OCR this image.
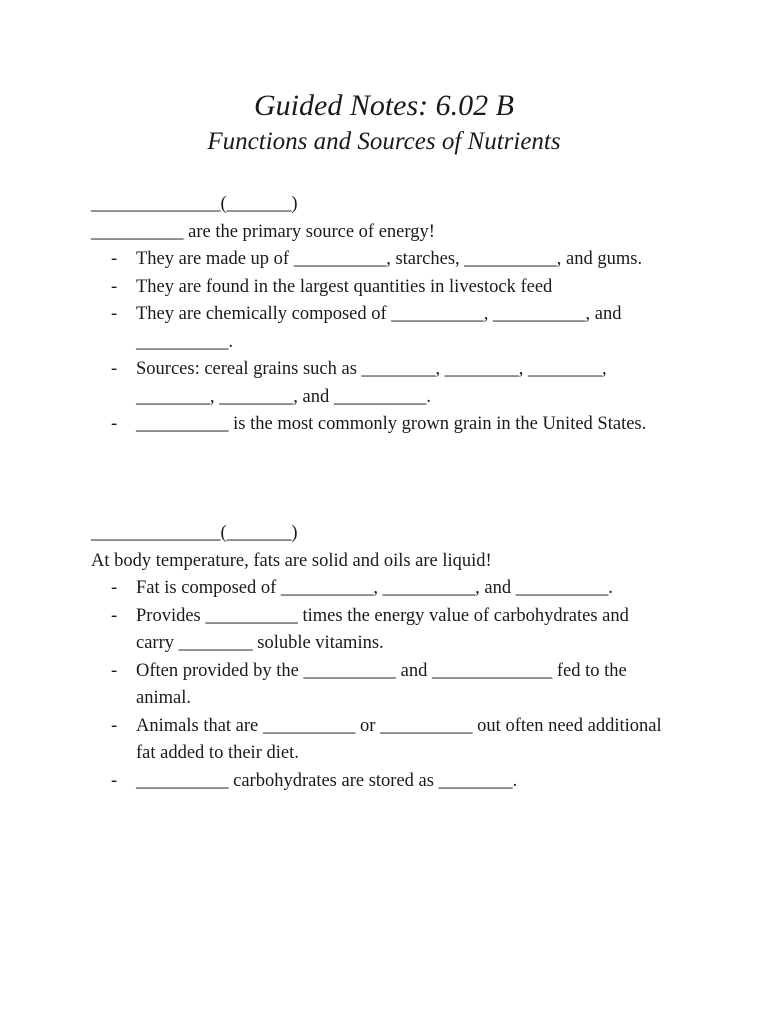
Guided Notes: 6.02 B
Functions and Sources of Nutrients
______________(_______)
__________ are the primary source of energy!
- They are made up of __________, starches, __________, and gums.
- They are found in the largest quantities in livestock feed
- They are chemically composed of __________, __________, and __________.
- Sources: cereal grains such as ________, ________, ________, ________, ________, and __________.
- __________ is the most commonly grown grain in the United States.
______________(_______)
At body temperature, fats are solid and oils are liquid!
- Fat is composed of __________, __________, and __________.
- Provides __________ times the energy value of carbohydrates and carry ________ soluble vitamins.
- Often provided by the __________ and _____________ fed to the animal.
- Animals that are __________ or __________ out often need additional fat added to their diet.
- __________ carbohydrates are stored as ________.
